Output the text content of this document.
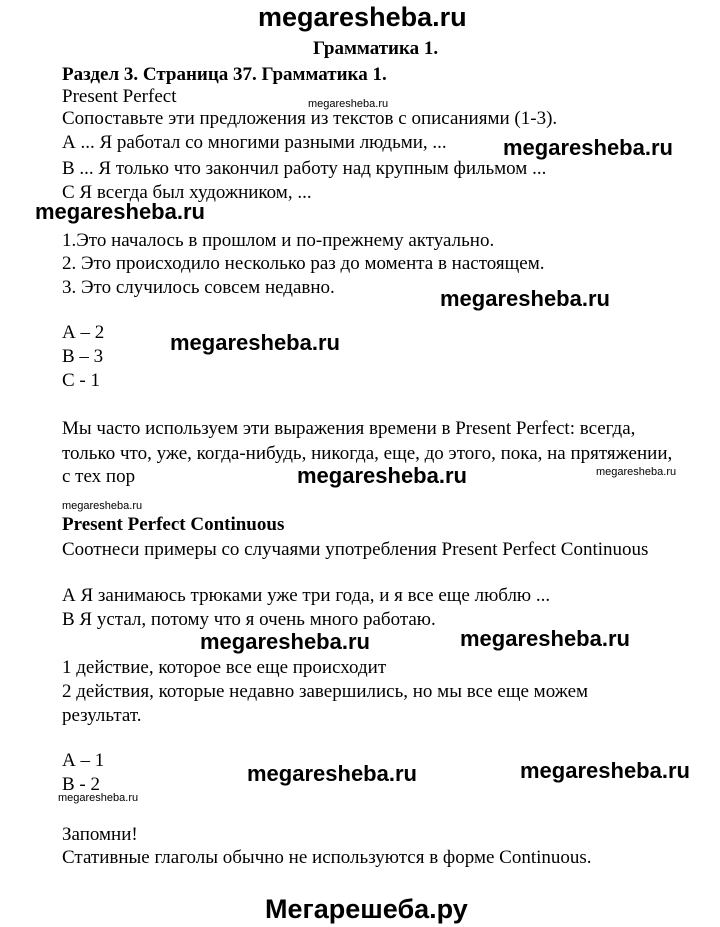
megaresheba.ru
Грамматика 1.
Раздел 3. Страница 37. Грамматика 1.
Present Perfect	megaresheba.ru
Сопоставьте эти предложения из текстов с описаниями (1-3).
А ... Я работал со многими разными людьми, ...	megaresheba.ru
В ... Я только что закончил работу над крупным фильмом ...
С Я всегда был художником, ...
megaresheba.ru
1.Это началось в прошлом и по-прежнему актуально.
2. Это происходило несколько раз до момента в настоящем.
3. Это случилось совсем недавно.	megaresheba.ru
А – 2	megaresheba.ru
В – 3
С - 1
Мы часто используем эти выражения времени в Present Perfect: всегда,
только что, уже, когда-нибудь, никогда, еще, до этого, пока, на прятяжении,
megaresheba.ru
с тех пор	megaresheba.ru
megaresheba.ru
Present Perfect Continuous
Соотнеси примеры со случаями употребления Present Perfect Continuous
А Я занимаюсь трюками уже три года, и я все еще люблю ...
В Я устал, потому что я очень много работаю.
megaresheba.ru	megaresheba.ru
1 действие, которое все еще происходит
2 действия, которые недавно завершились, но мы все еще можем
результат.
А – 1
megaresheba.ru	megaresheba.ru
В - 2
megaresheba.ru
Запомни!
Стативные глаголы обычно не используются в форме Continuous.
Мегарешеба.ру
